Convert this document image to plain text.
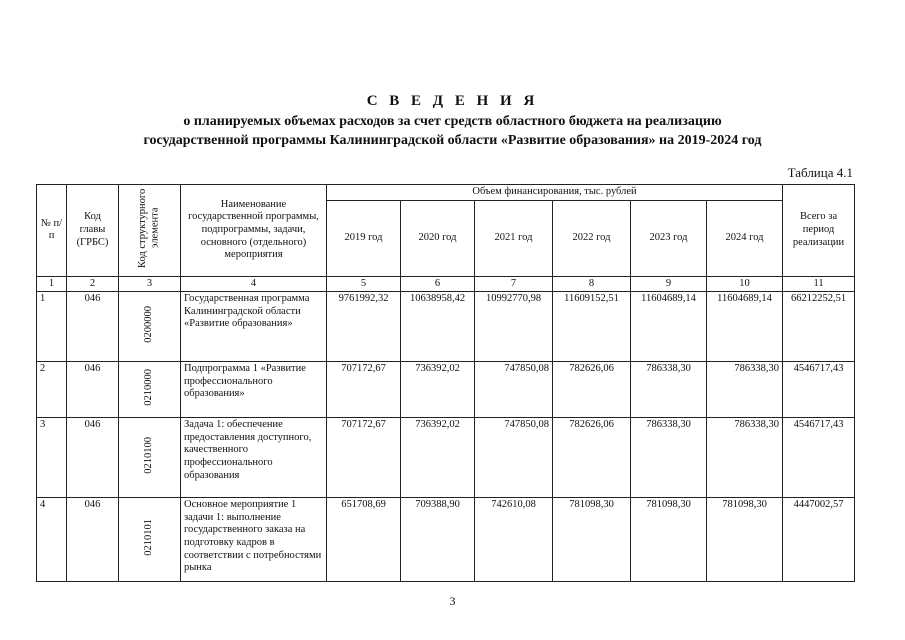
С В Е Д Е Н И Я
о планируемых объемах расходов за счет средств областного бюджета на реализацию
государственной программы Калининградской области «Развитие образования» на 2019-2024 год
Таблица 4.1
№ п/п	Код главы (ГРБС)	Код структурного элемента	Наименование государственной программы, подпрограммы, задачи, основного (отдельного) мероприятия	Объем финансирования, тыс. рублей						Всего за период реализации
				2019 год	2020 год	2021 год	2022 год	2023 год	2024 год	
1	2	3	4	5	6	7	8	9	10	11
1	046	0200000	Государственная программа Калининградской области «Развитие образования»	9761992,32	10638958,42	10992770,98	11609152,51	11604689,14	11604689,14	66212252,51
2	046	0210000	Подпрограмма 1 «Развитие профессионального образования»	707172,67	736392,02	747850,08	782626,06	786338,30	786338,30	4546717,43
3	046	0210100	Задача 1: обеспечение предоставления доступного, качественного профессионального образования	707172,67	736392,02	747850,08	782626,06	786338,30	786338,30	4546717,43
4	046	0210101	Основное мероприятие 1 задачи 1: выполнение государственного заказа на подготовку кадров в соответствии с потребностями рынка	651708,69	709388,90	742610,08	781098,30	781098,30	781098,30	4447002,57
3
